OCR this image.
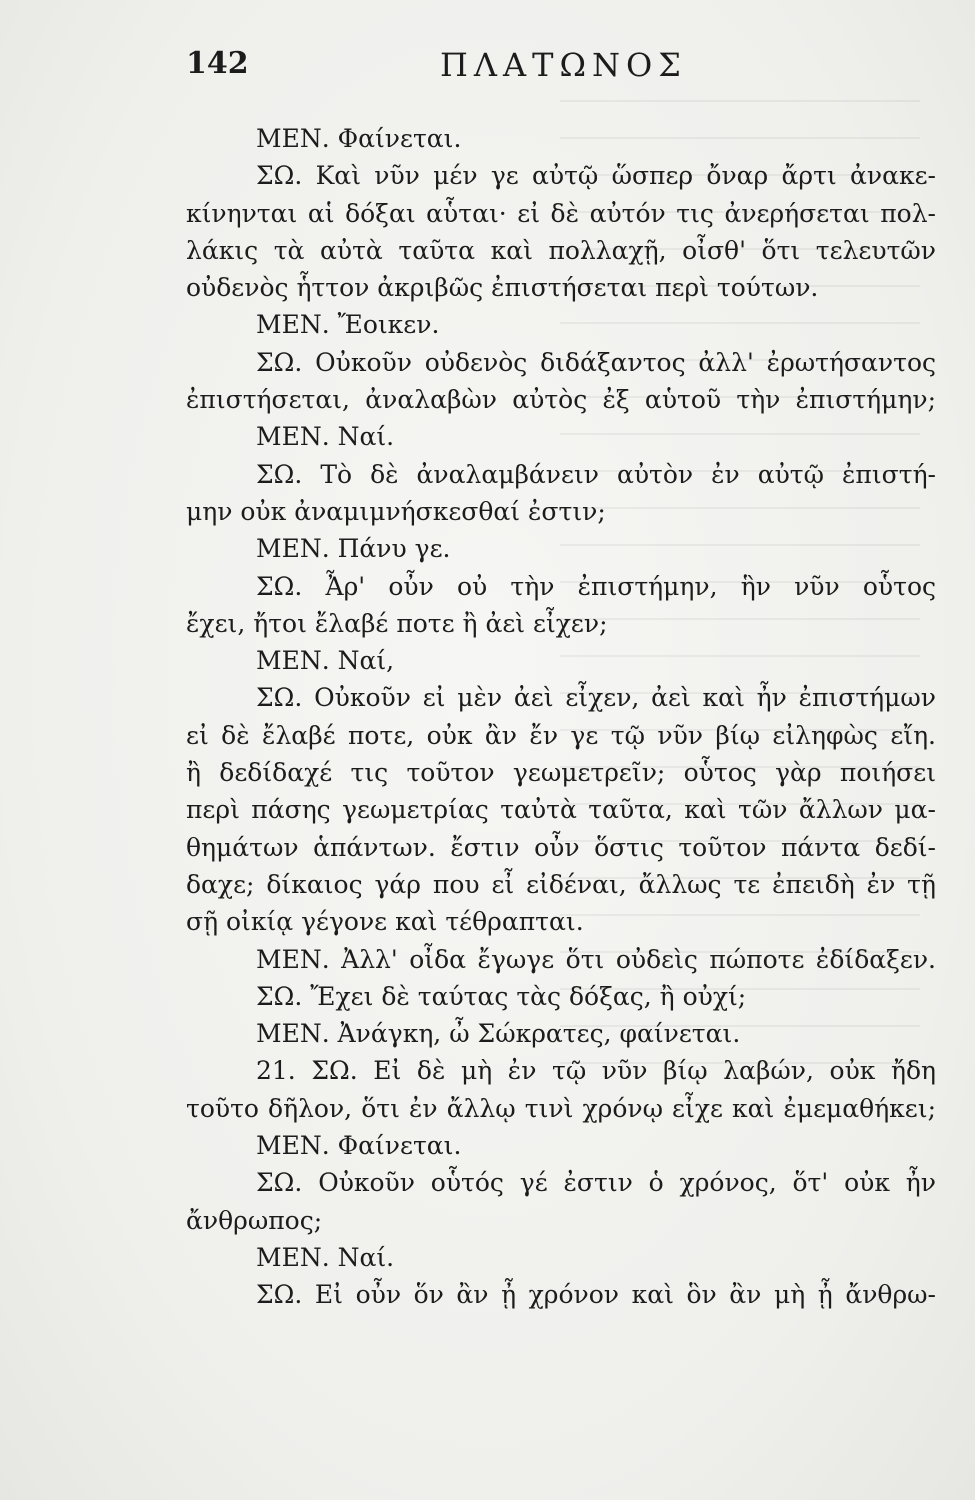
142	ΠΛΑΤΩΝΟΣ
ΜΕΝ. Φαίνεται.
ΣΩ. Καὶ νῦν μέν γε αὐτῷ ὥσπερ ὄναρ ἄρτι ἀνακε-
κίνηνται αἱ δόξαι αὗται· εἰ δὲ αὐτόν τις ἀνερήσεται πολ-
λάκις τὰ αὐτὰ ταῦτα καὶ πολλαχῇ, οἶσθ' ὅτι τελευτῶν
οὐδενὸς ἧττον ἀκριβῶς ἐπιστήσεται περὶ τούτων.
ΜΕΝ. Ἔοικεν.
ΣΩ. Οὐκοῦν οὐδενὸς διδάξαντος ἀλλ' ἐρωτήσαντος
ἐπιστήσεται, ἀναλαβὼν αὐτὸς ἐξ αὑτοῦ τὴν ἐπιστήμην;
ΜΕΝ. Ναί.
ΣΩ. Τὸ δὲ ἀναλαμβάνειν αὐτὸν ἐν αὐτῷ ἐπιστή-
μην οὐκ ἀναμιμνήσκεσθαί ἐστιν;
ΜΕΝ. Πάνυ γε.
ΣΩ. Ἆρ' οὖν οὐ τὴν ἐπιστήμην, ἣν νῦν οὗτος
ἔχει, ἤτοι ἔλαβέ ποτε ἢ ἀεὶ εἶχεν;
ΜΕΝ. Ναί,
ΣΩ. Οὐκοῦν εἰ μὲν ἀεὶ εἶχεν, ἀεὶ καὶ ἦν ἐπιστήμων
εἰ δὲ ἔλαβέ ποτε, οὐκ ἂν ἔν γε τῷ νῦν βίῳ εἰληφὼς εἴη.
ἢ δεδίδαχέ τις τοῦτον γεωμετρεῖν; οὗτος γὰρ ποιήσει
περὶ πάσης γεωμετρίας ταὐτὰ ταῦτα, καὶ τῶν ἄλλων μα-
θημάτων ἁπάντων. ἔστιν οὖν ὅστις τοῦτον πάντα δεδί-
δαχε; δίκαιος γάρ που εἶ εἰδέναι, ἄλλως τε ἐπειδὴ ἐν τῇ
σῇ οἰκίᾳ γέγονε καὶ τέθραπται.
ΜΕΝ. Ἀλλ' οἶδα ἔγωγε ὅτι οὐδεὶς πώποτε ἐδίδαξεν.
ΣΩ. Ἔχει δὲ ταύτας τὰς δόξας, ἢ οὐχί;
ΜΕΝ. Ἀνάγκη, ὦ Σώκρατες, φαίνεται.
21. ΣΩ. Εἰ δὲ μὴ ἐν τῷ νῦν βίῳ λαβών, οὐκ ἤδη
τοῦτο δῆλον, ὅτι ἐν ἄλλῳ τινὶ χρόνῳ εἶχε καὶ ἐμεμαθήκει;
ΜΕΝ. Φαίνεται.
ΣΩ. Οὐκοῦν οὗτός γέ ἐστιν ὁ χρόνος, ὅτ' οὐκ ἦν
ἄνθρωπος;
ΜΕΝ. Ναί.
ΣΩ. Εἰ οὖν ὅν ἂν ᾖ χρόνον καὶ ὃν ἂν μὴ ᾖ ἄνθρω-
